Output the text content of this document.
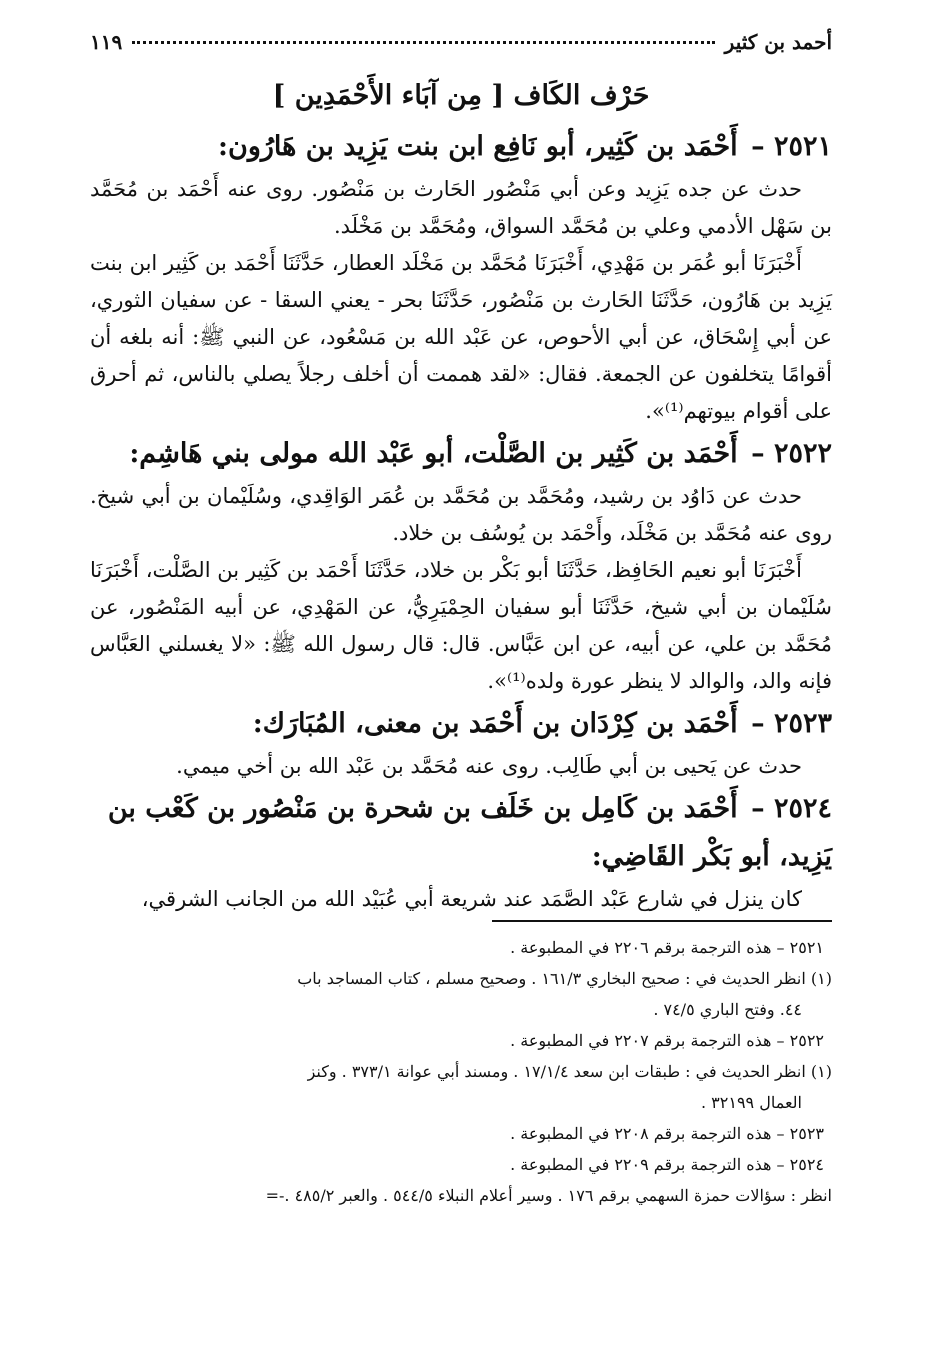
أحمد بن كثير
١١٩
حَرْف الكَاف [ مِن آبَاء الأَحْمَدِين ]
٢٥٢١ – أَحْمَد بن كَثِير، أبو نَافِع ابن بنت يَزِيد بن هَارُون:

حدث عن جده يَزِيد وعن أبي مَنْصُور الحَارث بن مَنْصُور. روى عنه أَحْمَد بن مُحَمَّد بن سَهْل الأدمي وعلي بن مُحَمَّد السواق، ومُحَمَّد بن مَخْلَد.

أَخْبَرَنَا أبو عُمَر بن مَهْدِي، أَخْبَرَنَا مُحَمَّد بن مَخْلَد العطار، حَدَّثَنَا أَحْمَد بن كَثِير ابن بنت يَزِيد بن هَارُون، حَدَّثَنَا الحَارث بن مَنْصُور، حَدَّثَنَا بحر - يعني السقا - عن سفيان الثوري، عن أبي إِسْحَاق، عن أبي الأحوص، عن عَبْد الله بن مَسْعُود، عن النبي ﷺ: أنه بلغه أن أقوامًا يتخلفون عن الجمعة. فقال: «لقد هممت أن أخلف رجلاً يصلي بالناس، ثم أحرق على أقوام بيوتهم⁽¹⁾».

٢٥٢٢ – أَحْمَد بن كَثِير بن الصَّلْت، أبو عَبْد الله مولى بني هَاشِم:

حدث عن دَاوُد بن رشيد، ومُحَمَّد بن مُحَمَّد بن عُمَر الوَاقِدي، وسُلَيْمان بن أبي شيخ. روى عنه مُحَمَّد بن مَخْلَد، وأَحْمَد بن يُوسُف بن خلاد.

أَخْبَرَنَا أبو نعيم الحَافِظ، حَدَّثَنَا أبو بَكْر بن خلاد، حَدَّثَنَا أَحْمَد بن كَثِير بن الصَّلْت، أَخْبَرَنَا سُلَيْمان بن أبي شيخ، حَدَّثَنَا أبو سفيان الحِمْيَرِيُّ، عن المَهْدِي، عن أبيه المَنْصُور، عن مُحَمَّد بن علي، عن أبيه، عن ابن عَبَّاس. قال: قال رسول الله ﷺ: «لا يغسلني العَبَّاس فإنه والد، والوالد لا ينظر عورة ولده⁽¹⁾».

٢٥٢٣ – أَحْمَد بن كِرْدَان بن أَحْمَد بن معنى، المُبَارَك:

حدث عن يَحيى بن أبي طَالِب. روى عنه مُحَمَّد بن عَبْد الله بن أخي ميمي.

٢٥٢٤ – أَحْمَد بن كَامِل بن خَلَف بن شحرة بن مَنْصُور بن كَعْب بن يَزِيد، أبو بَكْر القَاضِي:

كان ينزل في شارع عَبْد الصَّمَد عند شريعة أبي عُبَيْد الله من الجانب الشرقي،

٢٥٢١ – هذه الترجمة برقم ٢٢٠٦ في المطبوعة .

(١) انظر الحديث في : صحيح البخاري ١٦١/٣ . وصحيح مسلم ، كتاب المساجد باب
٤٤. وفتح الباري ٧٤/٥ .

٢٥٢٢ – هذه الترجمة برقم ٢٢٠٧ في المطبوعة .

(١) انظر الحديث في : طبقات ابن سعد ١٧/١/٤ . ومسند أبي عوانة ٣٧٣/١ . وكنز
العمال ٣٢١٩٩ .

٢٥٢٣ – هذه الترجمة برقم ٢٢٠٨ في المطبوعة .

٢٥٢٤ – هذه الترجمة برقم ٢٢٠٩ في المطبوعة .

انظر : سؤالات حمزة السهمي برقم ١٧٦ . وسير أعلام النبلاء ٥٤٤/٥ . والعبر ٤٨٥/٢ .-=
